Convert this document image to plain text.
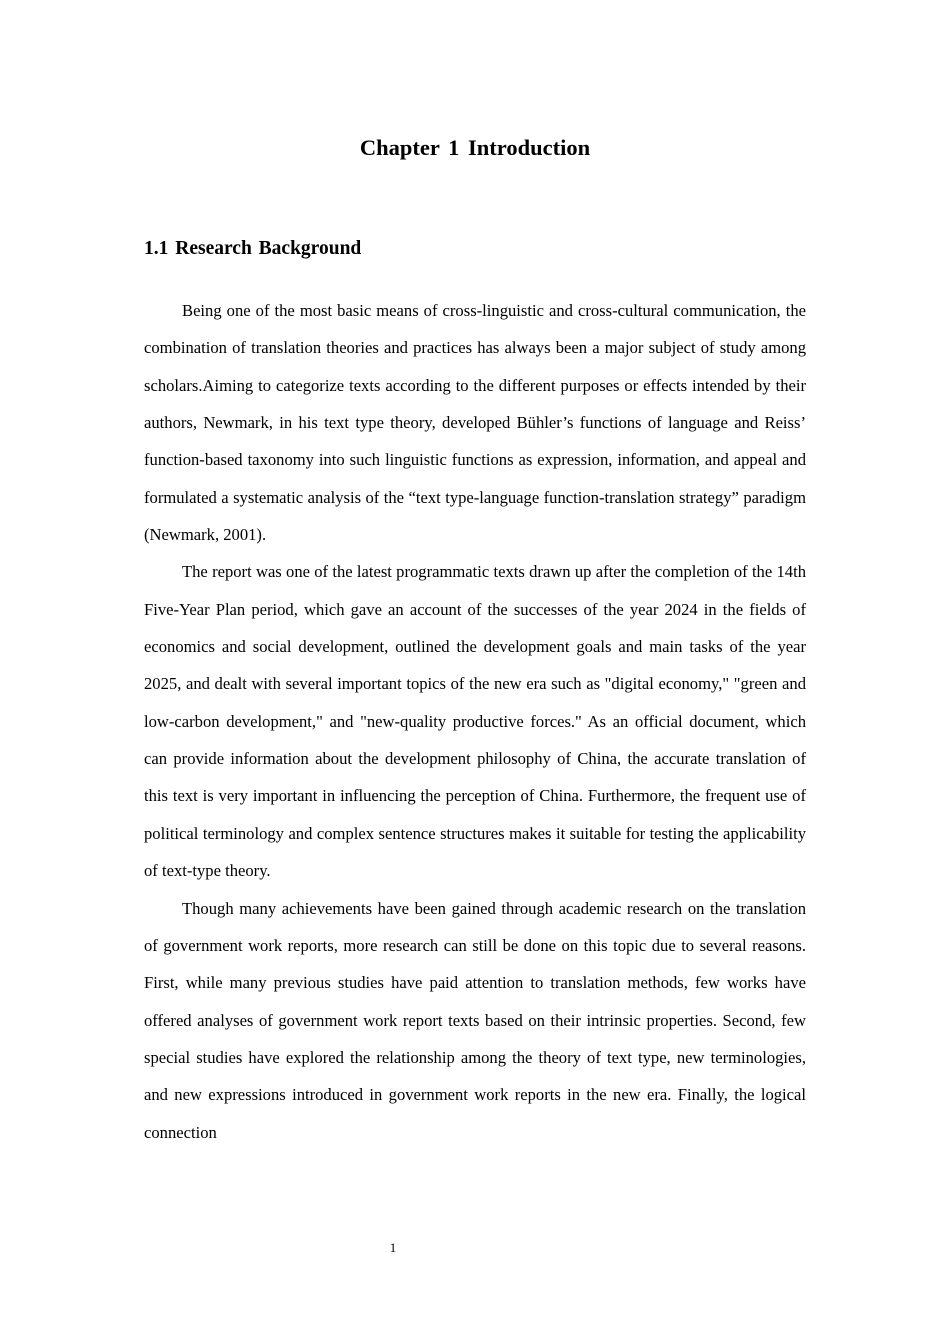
Chapter 1 Introduction
1.1 Research Background

Being one of the most basic means of cross-linguistic and cross-cultural communication, the combination of translation theories and practices has always been a major subject of study among scholars.Aiming to categorize texts according to the different purposes or effects intended by their authors, Newmark, in his text type theory, developed Bühler’s functions of language and Reiss’ function-based taxonomy into such linguistic functions as expression, information, and appeal and formulated a systematic analysis of the “text type-language function-translation strategy” paradigm (Newmark, 2001).

The report was one of the latest programmatic texts drawn up after the completion of the 14th Five-Year Plan period, which gave an account of the successes of the year 2024 in the fields of economics and social development, outlined the development goals and main tasks of the year 2025, and dealt with several important topics of the new era such as "digital economy," "green and low-carbon development," and "new-quality productive forces." As an official document, which can provide information about the development philosophy of China, the accurate translation of this text is very important in influencing the perception of China. Furthermore, the frequent use of political terminology and complex sentence structures makes it suitable for testing the applicability of text-type theory.

Though many achievements have been gained through academic research on the translation of government work reports, more research can still be done on this topic due to several reasons. First, while many previous studies have paid attention to translation methods, few works have offered analyses of government work report texts based on their intrinsic properties. Second, few special studies have explored the relationship among the theory of text type, new terminologies, and new expressions introduced in government work reports in the new era. Finally, the logical connection

1
